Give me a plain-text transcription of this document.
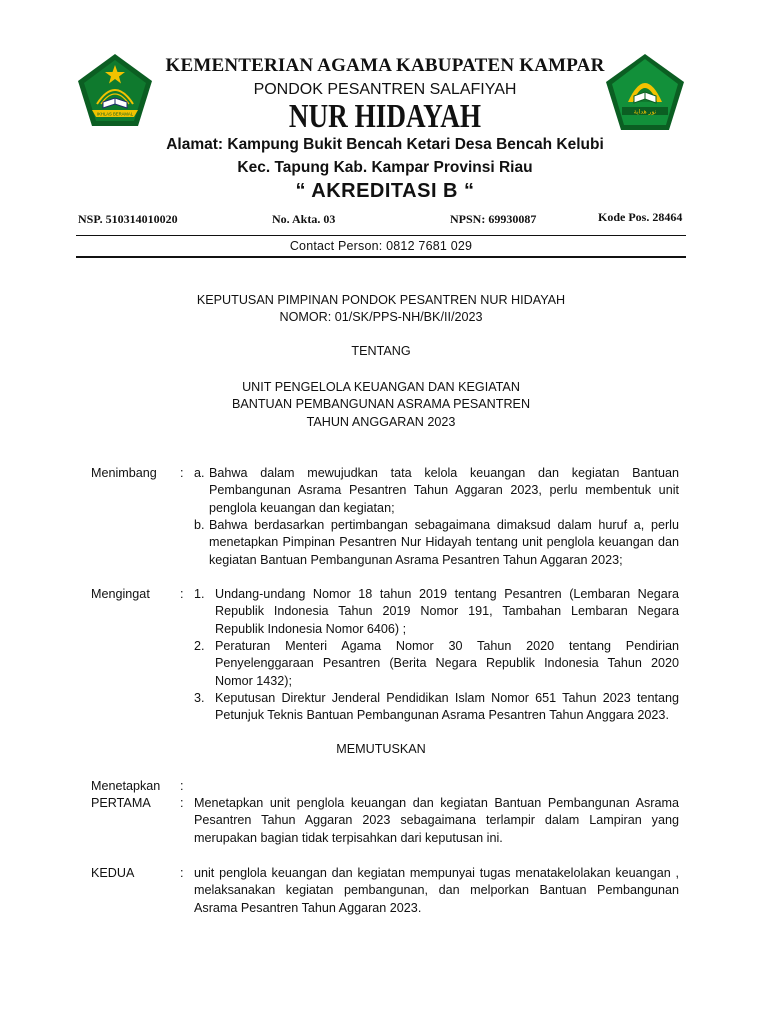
IKHLAS BERAMAL	نور هداية
KEMENTERIAN AGAMA KABUPATEN KAMPAR
PONDOK PESANTREN SALAFIYAH
NUR HIDAYAH
Alamat: Kampung Bukit Bencah Ketari Desa Bencah Kelubi
Kec. Tapung Kab. Kampar Provinsi Riau
“ AKREDITASI B “
NSP. 510314010020	No. Akta. 03	NPSN: 69930087	Kode Pos. 28464
Contact Person: 0812 7681 029
KEPUTUSAN PIMPINAN PONDOK PESANTREN NUR HIDAYAH
NOMOR: 01/SK/PPS-NH/BK/II/2023
TENTANG
UNIT PENGELOLA KEUANGAN DAN KEGIATAN
BANTUAN PEMBANGUNAN ASRAMA PESANTREN
TAHUN ANGGARAN 2023
Menimbang : a. Bahwa dalam mewujudkan tata kelola keuangan dan kegiatan Bantuan Pembangunan Asrama Pesantren Tahun Aggaran 2023, perlu membentuk unit penglola keuangan dan kegiatan;
b. Bahwa berdasarkan pertimbangan sebagaimana dimaksud dalam huruf a, perlu menetapkan Pimpinan Pesantren Nur Hidayah tentang unit penglola keuangan dan kegiatan Bantuan Pembangunan Asrama Pesantren Tahun Aggaran 2023;
Mengingat : 1. Undang-undang Nomor 18 tahun 2019 tentang Pesantren (Lembaran Negara Republik Indonesia Tahun 2019 Nomor 191, Tambahan Lembaran Negara Republik Indonesia Nomor 6406) ;
2. Peraturan Menteri Agama Nomor 30 Tahun 2020 tentang Pendirian Penyelenggaraan Pesantren (Berita Negara Republik Indonesia Tahun 2020 Nomor 1432);
3. Keputusan Direktur Jenderal Pendidikan Islam Nomor 651 Tahun 2023 tentang Petunjuk Teknis Bantuan Pembangunan Asrama Pesantren Tahun Anggara 2023.
MEMUTUSKAN
Menetapkan :
PERTAMA : Menetapkan unit penglola keuangan dan kegiatan Bantuan Pembangunan Asrama Pesantren Tahun Aggaran 2023 sebagaimana terlampir dalam Lampiran yang merupakan bagian tidak terpisahkan dari keputusan ini.
KEDUA	: unit penglola keuangan dan kegiatan mempunyai tugas menatakelolakan keuangan , melaksanakan kegiatan pembangunan, dan melporkan Bantuan Pembangunan Asrama Pesantren Tahun Aggaran 2023.
